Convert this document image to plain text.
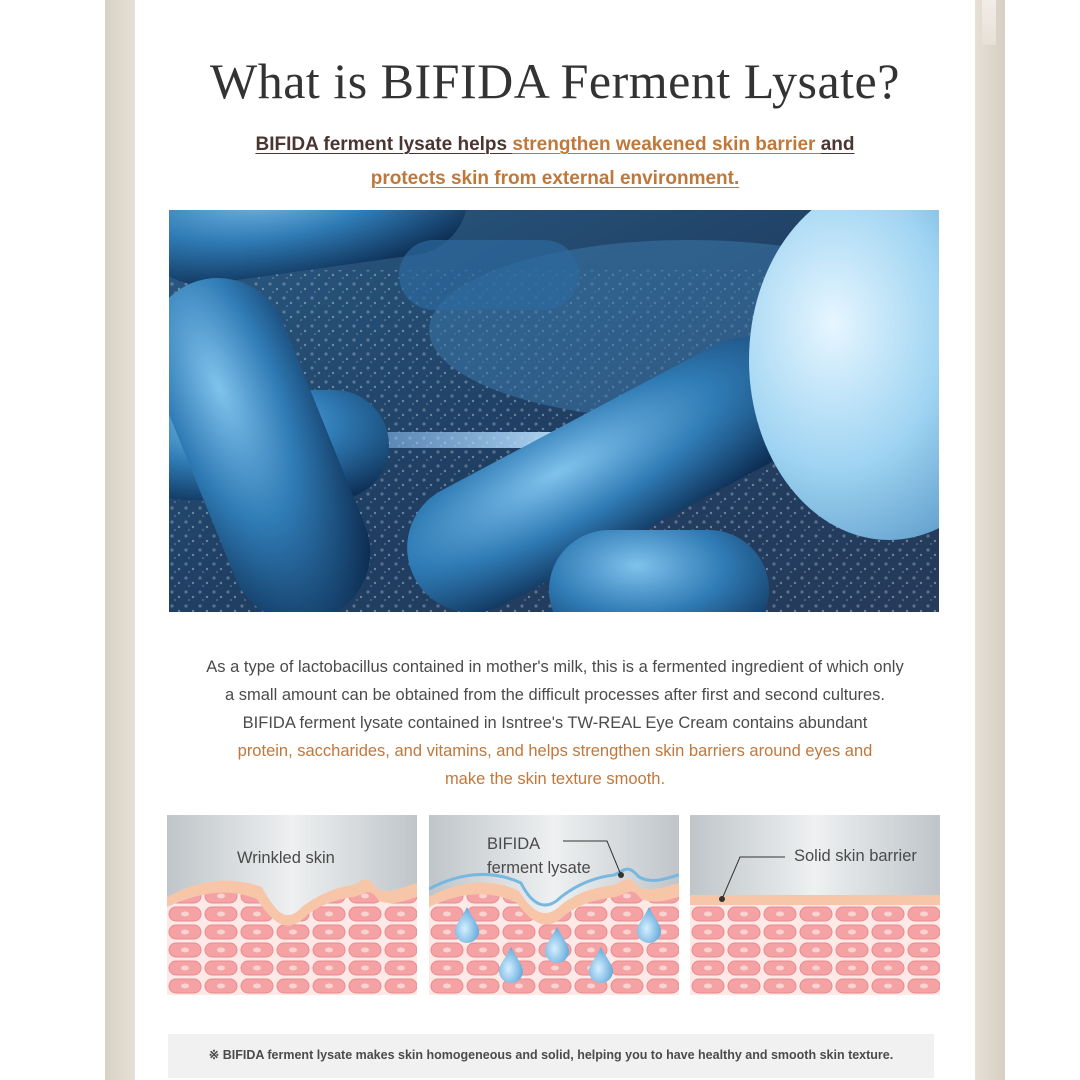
What is BIFIDA Ferment Lysate?
BIFIDA ferment lysate helps strengthen weakened skin barrier and
protects skin from external environment.
As a type of lactobacillus contained in mother's milk, this is a fermented ingredient of which only
a small amount can be obtained from the difficult processes after first and second cultures.
BIFIDA ferment lysate contained in Isntree's TW-REAL Eye Cream contains abundant
protein, saccharides, and vitamins, and helps strengthen skin barriers around eyes and
make the skin texture smooth.
Wrinkled skin
BIFIDA
ferment lysate
Solid skin barrier
※ BIFIDA ferment lysate makes skin homogeneous and solid, helping you to have healthy and smooth skin texture.
